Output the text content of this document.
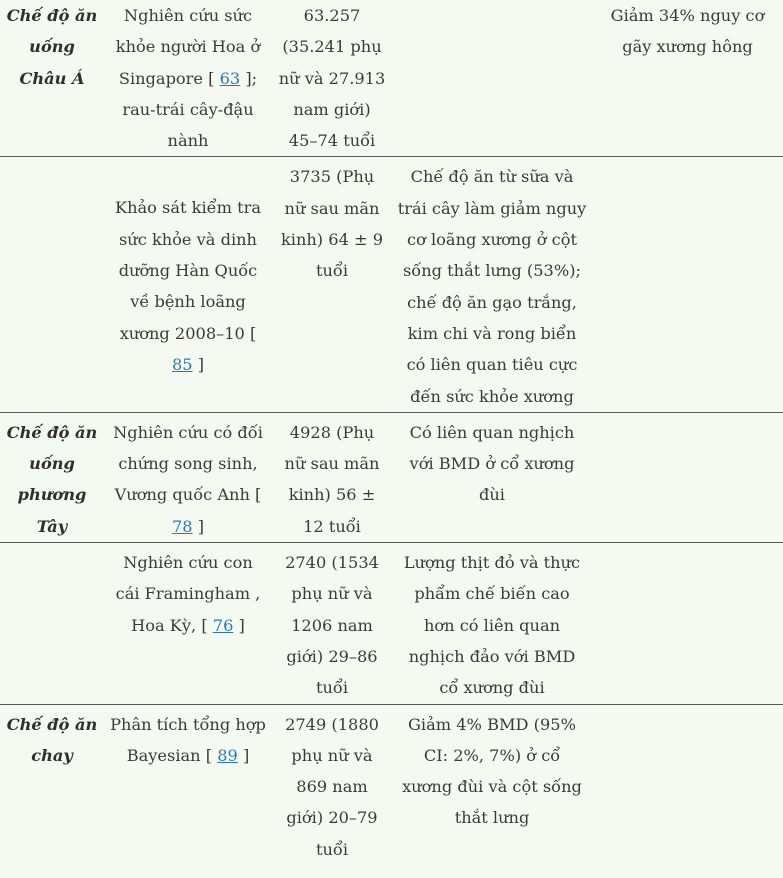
Chế độ ăn uống Châu Á	Nghiên cứu sức khỏe người Hoa ở Singapore [ 63 ]; rau-trái cây-đậu nành	63.257 (35.241 phụ nữ và 27.913 nam giới) 45–74 tuổi		Giảm 34% nguy cơ gãy xương hông
	Khảo sát kiểm tra sức khỏe và dinh dưỡng Hàn Quốc về bệnh loãng xương 2008–10 [ 85 ]	3735 (Phụ nữ sau mãn kinh) 64 ± 9 tuổi	Chế độ ăn từ sữa và trái cây làm giảm nguy cơ loãng xương ở cột sống thắt lưng (53%); chế độ ăn gạo trắng, kim chi và rong biển có liên quan tiêu cực đến sức khỏe xương	
Chế độ ăn uống phương Tây	Nghiên cứu có đối chứng song sinh, Vương quốc Anh [ 78 ]	4928 (Phụ nữ sau mãn kinh) 56 ± 12 tuổi	Có liên quan nghịch với BMD ở cổ xương đùi	
	Nghiên cứu con cái Framingham , Hoa Kỳ, [ 76 ]	2740 (1534 phụ nữ và 1206 nam giới) 29–86 tuổi	Lượng thịt đỏ và thực phẩm chế biến cao hơn có liên quan nghịch đảo với BMD cổ xương đùi	
Chế độ ăn chay	Phân tích tổng hợp Bayesian [ 89 ]	2749 (1880 phụ nữ và 869 nam giới) 20–79 tuổi	Giảm 4% BMD (95% CI: 2%, 7%) ở cổ xương đùi và cột sống thắt lưng	
